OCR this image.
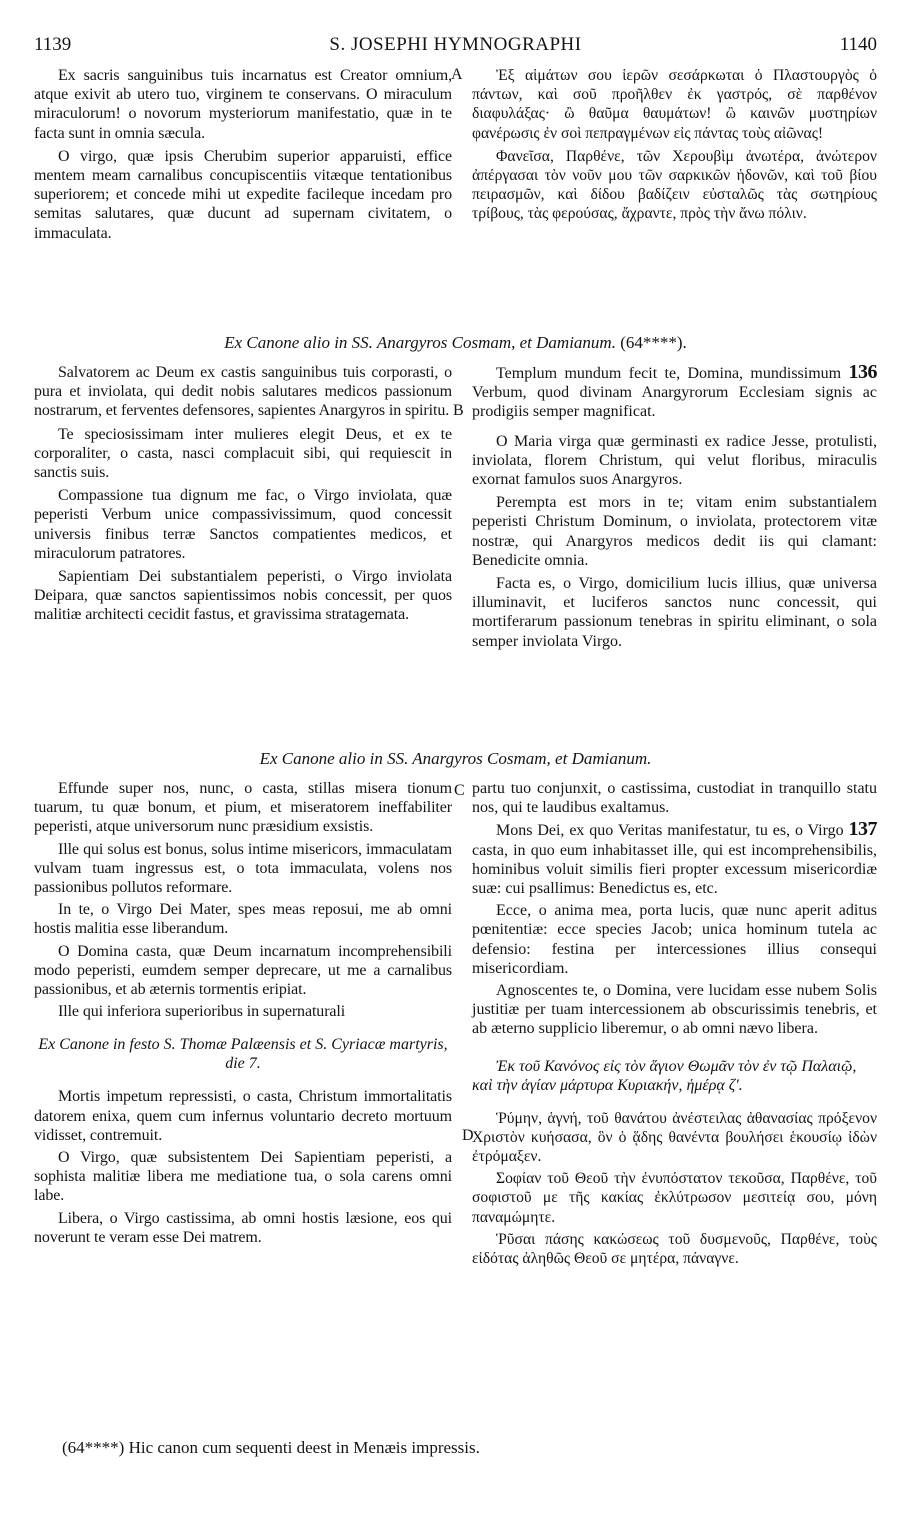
1139	S. JOSEPHI HYMNOGRAPHI	1140

Ex sacris sanguinibus tuis incarnatus est Creator omnium, atque exivit ab utero tuo, virginem te conservans. O miraculum miraculorum! o novorum mysteriorum manifestatio, quæ in te facta sunt in omnia sæcula.

O virgo, quæ ipsis Cherubim superior apparuisti, effice mentem meam carnalibus concupiscentiis vitæque tentationibus superiorem; et concede mihi ut expedite facileque incedam pro semitas salutares, quæ ducunt ad supernam civitatem, o immaculata.

Ἐξ αἱμάτων σου ἱερῶν σεσάρκωται ὁ Πλαστουργὸς ὁ πάντων, καὶ σοῦ προῆλθεν ἐκ γαστρός, σὲ παρθένον διαφυλάξας· ὢ θαῦμα θαυμάτων! ὢ καινῶν μυστηρίων φανέρωσις ἐν σοὶ πεπραγμένων εἰς πάντας τοὺς αἰῶνας!

Φανεῖσα, Παρθένε, τῶν Χερουβὶμ ἀνωτέρα, ἀνώτερον ἀπέργασαι τὸν νοῦν μου τῶν σαρκικῶν ἡδονῶν, καὶ τοῦ βίου πειρασμῶν, καὶ δίδου βαδίζειν εὐσταλῶς τὰς σωτηρίους τρίβους, τὰς φερούσας, ἄχραντε, πρὸς τὴν ἄνω πόλιν.

A
Ex Canone alio in SS. Anargyros Cosmam, et Damianum. (64****).

Salvatorem ac Deum ex castis sanguinibus tuis corporasti, o pura et inviolata, qui dedit nobis salutares medicos passionum nostrarum, et ferventes defensores, sapientes Anargyros in spiritu.

Te speciosissimam inter mulieres elegit Deus, et ex te corporaliter, o casta, nasci complacuit sibi, qui requiescit in sanctis suis.

Compassione tua dignum me fac, o Virgo inviolata, quæ peperisti Verbum unice compassivissimum, quod concessit universis finibus terræ Sanctos compatientes medicos, et miraculorum patratores.

Sapientiam Dei substantialem peperisti, o Virgo inviolata Deipara, quæ sanctos sapientissimos nobis concessit, per quos malitiæ architecti cecidit fastus, et gravissima stratagemata.

Templum mundum fecit te, Domina, mundissimum 136 Verbum, quod divinam Anargyrorum Ecclesiam signis ac prodigiis semper magnificat.

O Maria virga quæ germinasti ex radice Jesse, protulisti, inviolata, florem Christum, qui velut floribus, miraculis exornat famulos suos Anargyros.

Perempta est mors in te; vitam enim substantialem peperisti Christum Dominum, o inviolata, protectorem vitæ nostræ, qui Anargyros medicos dedit iis qui clamant: Benedicite omnia.

Facta es, o Virgo, domicilium lucis illius, quæ universa illuminavit, et luciferos sanctos nunc concessit, qui mortiferarum passionum tenebras in spiritu eliminant, o sola semper inviolata Virgo.

B
Ex Canone alio in SS. Anargyros Cosmam, et Damianum.

Effunde super nos, nunc, o casta, stillas misera tionum tuarum, tu quæ bonum, et pium, et miseratorem ineffabiliter peperisti, atque universorum nunc præsidium exsistis.

Ille qui solus est bonus, solus intime misericors, immaculatam vulvam tuam ingressus est, o tota immaculata, volens nos passionibus pollutos reformare.

In te, o Virgo Dei Mater, spes meas reposui, me ab omni hostis malitia esse liberandum.

O Domina casta, quæ Deum incarnatum incomprehensibili modo peperisti, eumdem semper deprecare, ut me a carnalibus passionibus, et ab æternis tormentis eripiat.

Ille qui inferiora superioribus in supernaturali

Ex Canone in festo S. Thomæ Palæensis et S. Cyriacæ martyris, die 7.

Mortis impetum repressisti, o casta, Christum immortalitatis datorem enixa, quem cum infernus voluntario decreto mortuum vidisset, contremuit.

O Virgo, quæ subsistentem Dei Sapientiam peperisti, a sophista malitiæ libera me mediatione tua, o sola carens omni labe.

Libera, o Virgo castissima, ab omni hostis læsione, eos qui noverunt te veram esse Dei matrem.

partu tuo conjunxit, o castissima, custodiat in tranquillo statu nos, qui te laudibus exaltamus.

Mons Dei, ex quo Veritas manifestatur, tu es, o Virgo 137 casta, in quo eum inhabitasset ille, qui est incomprehensibilis, hominibus voluit similis fieri propter excessum misericordiæ suæ: cui psallimus: Benedictus es, etc.

Ecce, o anima mea, porta lucis, quæ nunc aperit aditus pœnitentiæ: ecce species Jacob; unica hominum tutela ac defensio: festina per intercessiones illius consequi misericordiam.

Agnoscentes te, o Domina, vere lucidam esse nubem Solis justitiæ per tuam intercessionem ab obscurissimis tenebris, et ab æterno supplicio liberemur, o ab omni nævo libera.

Ἐκ τοῦ Κανόνος εἰς τὸν ἅγιον Θωμᾶν τὸν ἐν τῷ Παλαιῷ, καὶ τὴν ἁγίαν μάρτυρα Κυριακήν, ἡμέρᾳ ζ'.

Ῥύμην, ἁγνή, τοῦ θανάτου ἀνέστειλας ἀθανασίας πρόξενον Χριστὸν κυήσασα, ὃν ὁ ᾅδης θανέντα βουλήσει ἑκουσίῳ ἰδὼν ἐτρόμαξεν.

Σοφίαν τοῦ Θεοῦ τὴν ἐνυπόστατον τεκοῦσα, Παρθένε, τοῦ σοφιστοῦ με τῆς κακίας ἐκλύτρωσον μεσιτείᾳ σου, μόνη παναμώμητε.

Ῥῦσαι πάσης κακώσεως τοῦ δυσμενοῦς, Παρθένε, τοὺς εἰδότας ἀληθῶς Θεοῦ σε μητέρα, πάναγνε.

C
D
(64****) Hic canon cum sequenti deest in Menæis impressis.
